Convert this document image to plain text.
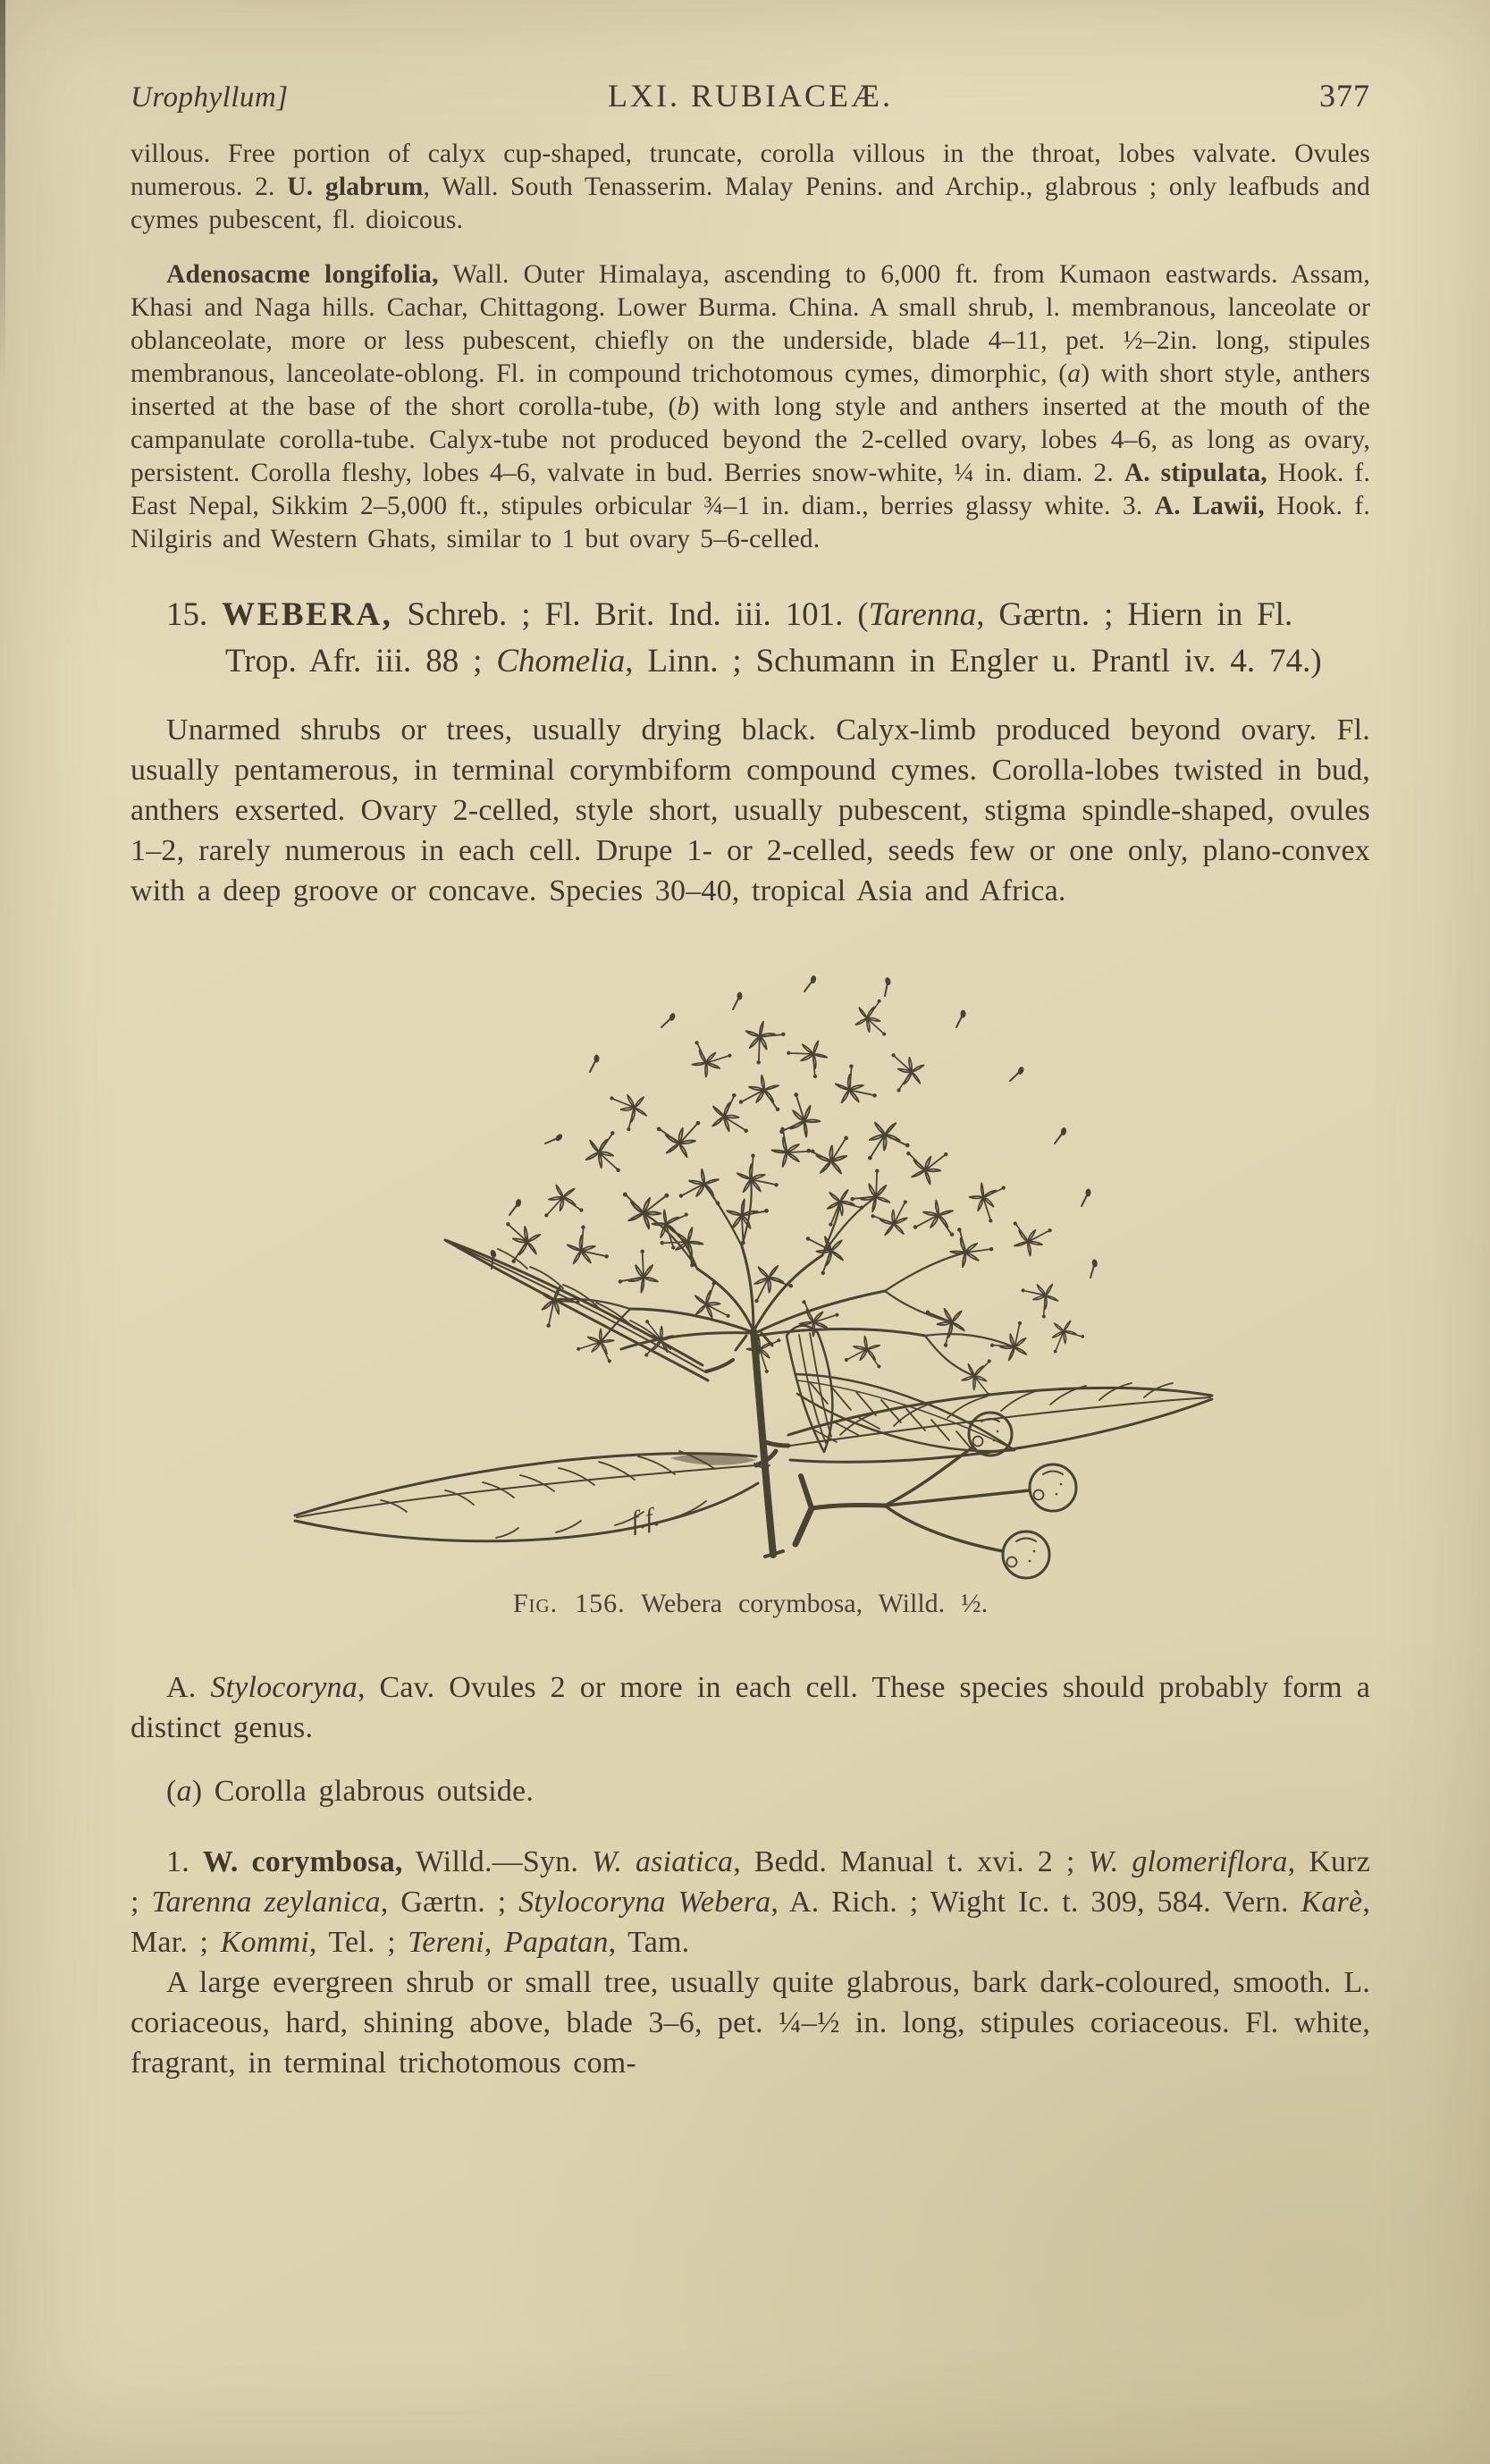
Urophyllum]	LXI. RUBIACEÆ.	377

villous. Free portion of calyx cup-shaped, truncate, corolla villous in the throat, lobes valvate. Ovules numerous. 2. U. glabrum, Wall. South Tenasserim. Malay Penins. and Archip., glabrous ; only leafbuds and cymes pubescent, fl. dioicous.

Adenosacme longifolia, Wall. Outer Himalaya, ascending to 6,000 ft. from Kumaon eastwards. Assam, Khasi and Naga hills. Cachar, Chittagong. Lower Burma. China. A small shrub, l. membranous, lanceolate or oblanceolate, more or less pubescent, chiefly on the underside, blade 4–11, pet. ½–2in. long, stipules membranous, lanceolate-oblong. Fl. in compound trichotomous cymes, dimorphic, (a) with short style, anthers inserted at the base of the short corolla-tube, (b) with long style and anthers inserted at the mouth of the campanulate corolla-tube. Calyx-tube not produced beyond the 2-celled ovary, lobes 4–6, as long as ovary, persistent. Corolla fleshy, lobes 4–6, valvate in bud. Berries snow-white, ¼ in. diam. 2. A. stipulata, Hook. f. East Nepal, Sikkim 2–5,000 ft., stipules orbicular ¾–1 in. diam., berries glassy white. 3. A. Lawii, Hook. f. Nilgiris and Western Ghats, similar to 1 but ovary 5–6-celled.

15. WEBERA, Schreb. ; Fl. Brit. Ind. iii. 101. (Tarenna, Gærtn. ; Hiern in Fl. Trop. Afr. iii. 88 ; Chomelia, Linn. ; Schumann in Engler u. Prantl iv. 4. 74.)

Unarmed shrubs or trees, usually drying black. Calyx-limb produced beyond ovary. Fl. usually pentamerous, in terminal corymbiform compound cymes. Corolla-lobes twisted in bud, anthers exserted. Ovary 2-celled, style short, usually pubescent, stigma spindle-shaped, ovules 1–2, rarely numerous in each cell. Drupe 1- or 2-celled, seeds few or one only, plano-convex with a deep groove or concave. Species 30–40, tropical Asia and Africa.

f.f.
Fig. 156. Webera corymbosa, Willd. ½.

A. Stylocoryna, Cav. Ovules 2 or more in each cell. These species should probably form a distinct genus.

(a) Corolla glabrous outside.

1. W. corymbosa, Willd.—Syn. W. asiatica, Bedd. Manual t. xvi. 2 ; W. glomeriflora, Kurz ; Tarenna zeylanica, Gærtn. ; Stylocoryna Webera, A. Rich. ; Wight Ic. t. 309, 584. Vern. Karè, Mar. ; Kommi, Tel. ; Tereni, Papatan, Tam.

A large evergreen shrub or small tree, usually quite glabrous, bark dark-coloured, smooth. L. coriaceous, hard, shining above, blade 3–6, pet. ¼–½ in. long, stipules coriaceous. Fl. white, fragrant, in terminal trichotomous com-
